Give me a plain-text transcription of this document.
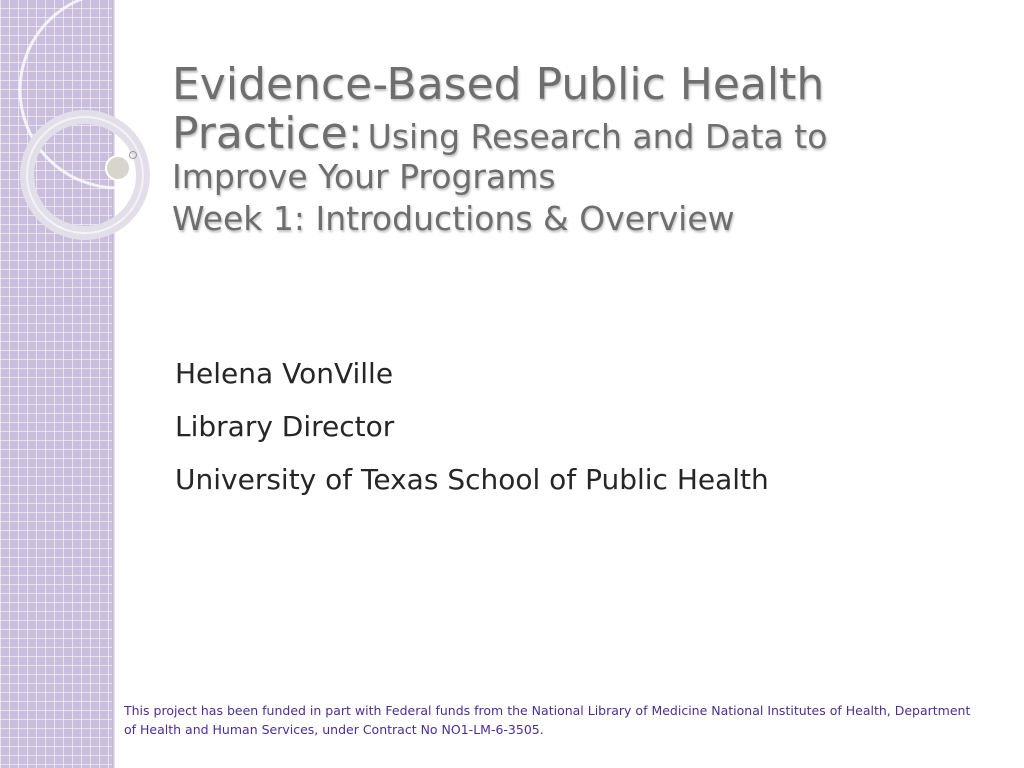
Evidence-Based Public Health Practice: Using Research and Data to Improve Your Programs
Week 1: Introductions & Overview
Helena VonVille
Library Director
University of Texas School of Public Health
This project has been funded in part with Federal funds from the National Library of Medicine National Institutes of Health, Department of Health and Human Services, under Contract No NO1-LM-6-3505.
